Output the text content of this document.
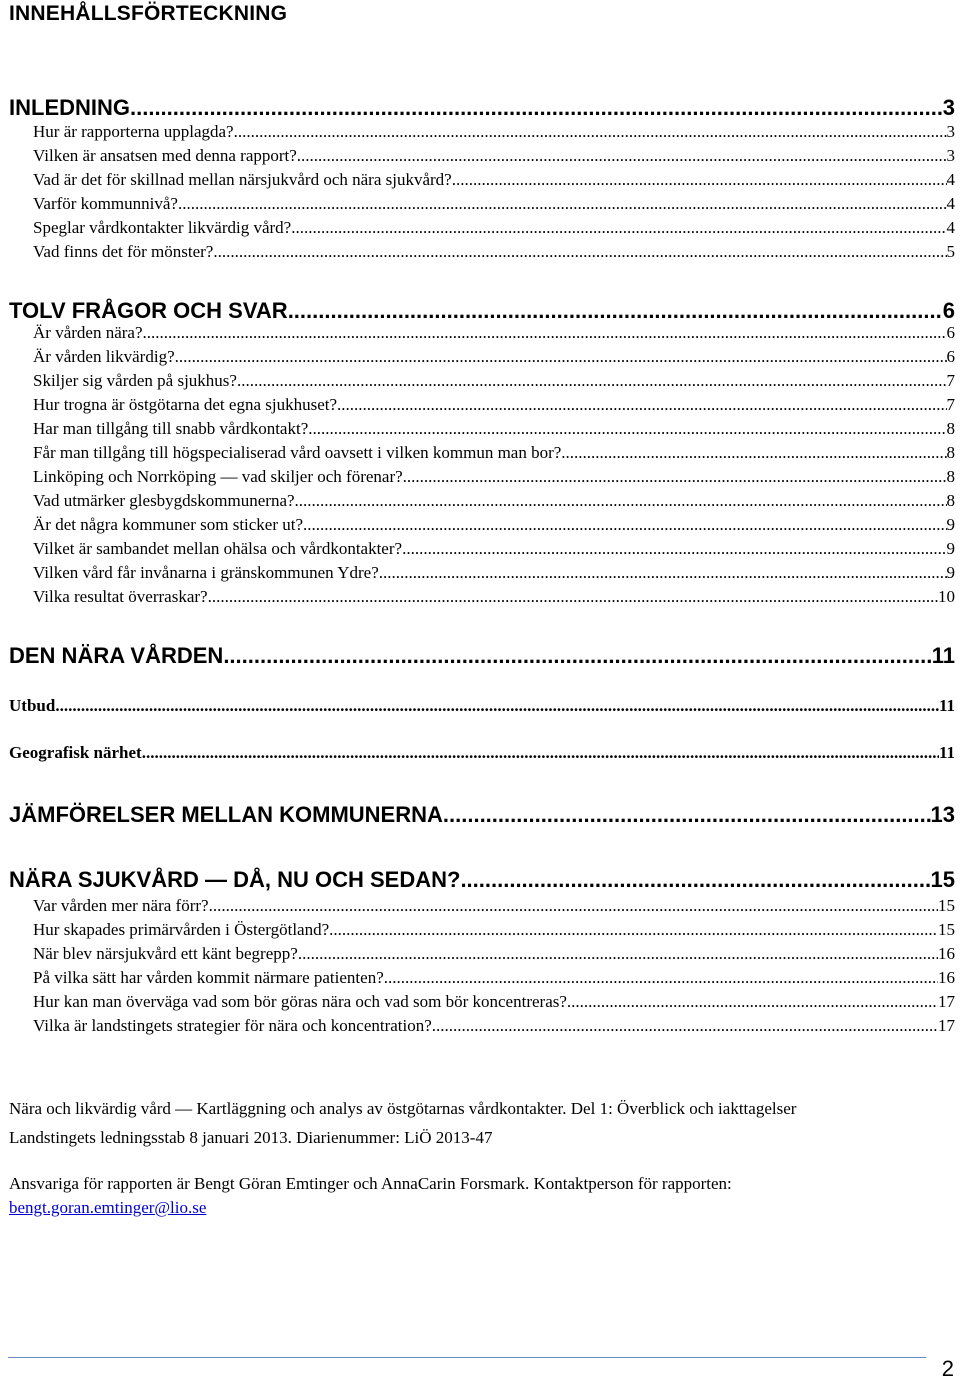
INNEHÅLLSFÖRTECKNING
INLEDNING .....	3
Hur är rapporterna upplagda? .....	3
Vilken är ansatsen med denna rapport? .....	3
Vad är det för skillnad mellan närsjukvård och nära sjukvård? .....	4
Varför kommunnivå? .....	4
Speglar vårdkontakter likvärdig vård? .....	4
Vad finns det för mönster? .....	5
TOLV FRÅGOR OCH SVAR .....	6
Är vården nära? .....	6
Är vården likvärdig? .....	6
Skiljer sig vården på sjukhus? .....	7
Hur trogna är östgötarna det egna sjukhuset? .....	7
Har man tillgång till snabb vårdkontakt? .....	8
Får man tillgång till högspecialiserad vård oavsett i vilken kommun man bor? .....	8
Linköping och Norrköping — vad skiljer och förenar? .....	8
Vad utmärker glesbygdskommunerna? .....	8
Är det några kommuner som sticker ut? .....	9
Vilket är sambandet mellan ohälsa och vårdkontakter? .....	9
Vilken vård får invånarna i gränskommunen Ydre? .....	9
Vilka resultat överraskar? .....	10
DEN NÄRA VÅRDEN .....	11
Utbud .....	11
Geografisk närhet .....	11
JÄMFÖRELSER MELLAN KOMMUNERNA .....	13
NÄRA SJUKVÅRD — DÅ, NU OCH SEDAN? .....	15
Var vården mer nära förr? .....	15
Hur skapades primärvården i Östergötland? .....	15
När blev närsjukvård ett känt begrepp? .....	16
På vilka sätt har vården kommit närmare patienten? .....	16
Hur kan man överväga vad som bör göras nära och vad som bör koncentreras? .....	17
Vilka är landstingets strategier för nära och koncentration? .....	17
Nära och likvärdig vård — Kartläggning och analys av östgötarnas vårdkontakter. Del 1: Överblick och iakttagelser
Landstingets ledningsstab 8 januari 2013. Diarienummer: LiÖ 2013-47
Ansvariga för rapporten är Bengt Göran Emtinger och AnnaCarin Forsmark. Kontaktperson för rapporten:
bengt.goran.emtinger@lio.se
2
